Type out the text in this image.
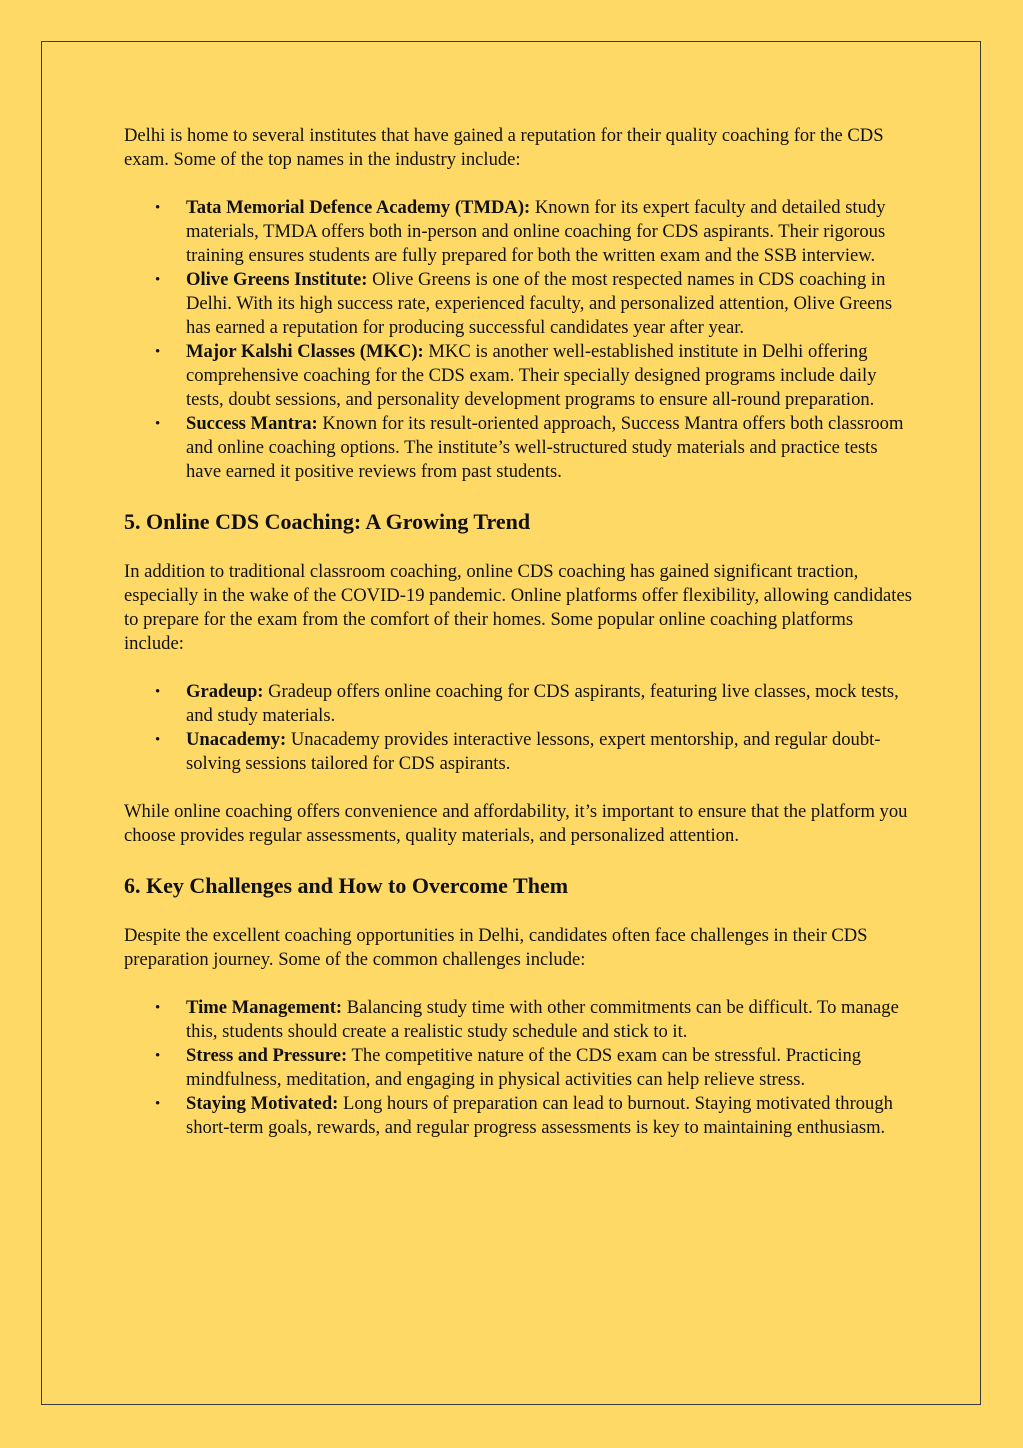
Delhi is home to several institutes that have gained a reputation for their quality coaching for the CDS exam. Some of the top names in the industry include:

• Tata Memorial Defence Academy (TMDA): Known for its expert faculty and detailed study materials, TMDA offers both in-person and online coaching for CDS aspirants. Their rigorous training ensures students are fully prepared for both the written exam and the SSB interview.
• Olive Greens Institute: Olive Greens is one of the most respected names in CDS coaching in Delhi. With its high success rate, experienced faculty, and personalized attention, Olive Greens has earned a reputation for producing successful candidates year after year.
• Major Kalshi Classes (MKC): MKC is another well-established institute in Delhi offering comprehensive coaching for the CDS exam. Their specially designed programs include daily tests, doubt sessions, and personality development programs to ensure all-round preparation.
• Success Mantra: Known for its result-oriented approach, Success Mantra offers both classroom and online coaching options. The institute’s well-structured study materials and practice tests have earned it positive reviews from past students.
5. Online CDS Coaching: A Growing Trend

In addition to traditional classroom coaching, online CDS coaching has gained significant traction, especially in the wake of the COVID-19 pandemic. Online platforms offer flexibility, allowing candidates to prepare for the exam from the comfort of their homes. Some popular online coaching platforms include:

• Gradeup: Gradeup offers online coaching for CDS aspirants, featuring live classes, mock tests, and study materials.
• Unacademy: Unacademy provides interactive lessons, expert mentorship, and regular doubt-solving sessions tailored for CDS aspirants.

While online coaching offers convenience and affordability, it’s important to ensure that the platform you choose provides regular assessments, quality materials, and personalized attention.

6. Key Challenges and How to Overcome Them

Despite the excellent coaching opportunities in Delhi, candidates often face challenges in their CDS preparation journey. Some of the common challenges include:

• Time Management: Balancing study time with other commitments can be difficult. To manage this, students should create a realistic study schedule and stick to it.
• Stress and Pressure: The competitive nature of the CDS exam can be stressful. Practicing mindfulness, meditation, and engaging in physical activities can help relieve stress.
• Staying Motivated: Long hours of preparation can lead to burnout. Staying motivated through short-term goals, rewards, and regular progress assessments is key to maintaining enthusiasm.
